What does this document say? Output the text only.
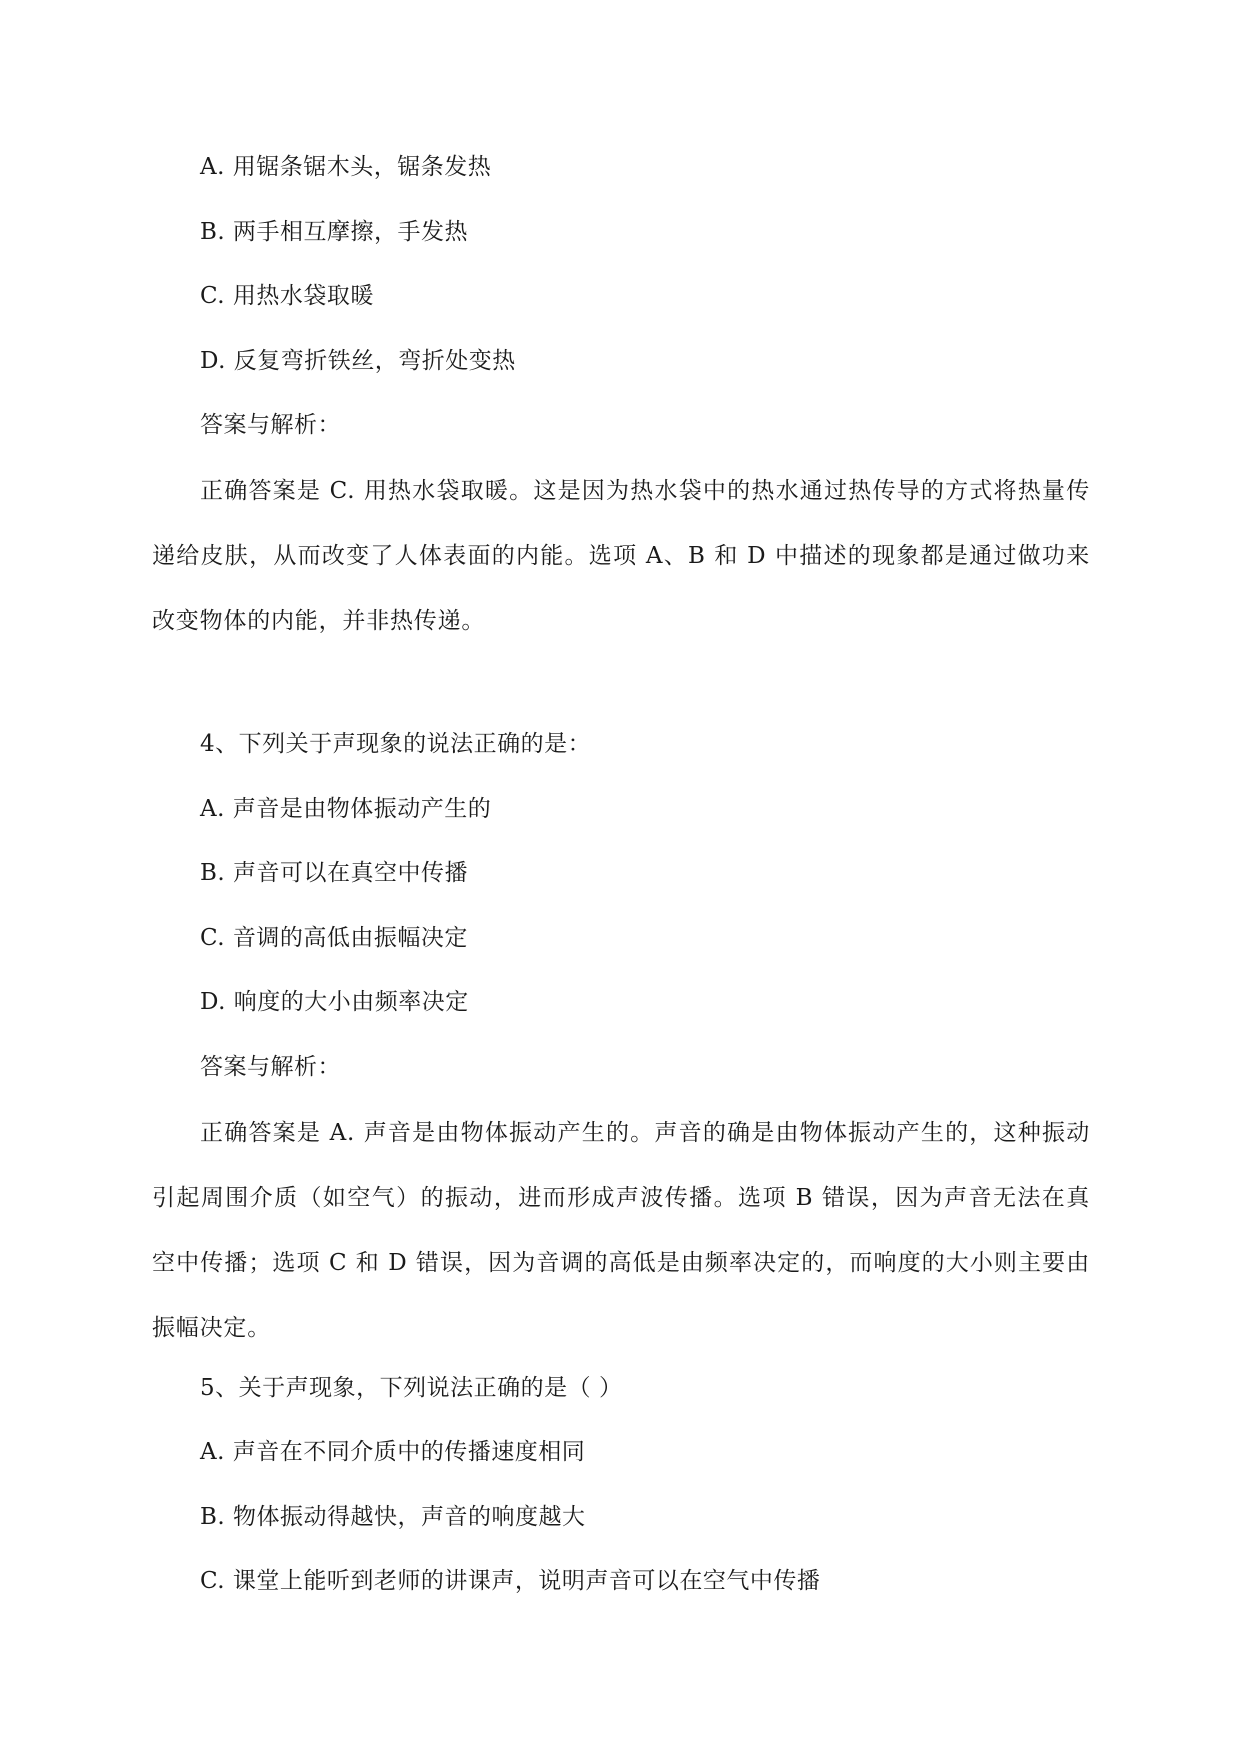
A. 用锯条锯木头，锯条发热
B. 两手相互摩擦，手发热
C. 用热水袋取暖
D. 反复弯折铁丝，弯折处变热
答案与解析：

正确答案是 C. 用热水袋取暖。这是因为热水袋中的热水通过热传导的方式将热量传递给皮肤，从而改变了人体表面的内能。选项 A、B 和 D 中描述的现象都是通过做功来改变物体的内能，并非热传递。

4、下列关于声现象的说法正确的是：
A. 声音是由物体振动产生的
B. 声音可以在真空中传播
C. 音调的高低由振幅决定
D. 响度的大小由频率决定
答案与解析：

正确答案是 A. 声音是由物体振动产生的。声音的确是由物体振动产生的，这种振动引起周围介质（如空气）的振动，进而形成声波传播。选项 B 错误，因为声音无法在真空中传播；选项 C 和 D 错误，因为音调的高低是由频率决定的，而响度的大小则主要由振幅决定。

5、关于声现象，下列说法正确的是（ ）
A. 声音在不同介质中的传播速度相同
B. 物体振动得越快，声音的响度越大
C. 课堂上能听到老师的讲课声，说明声音可以在空气中传播
